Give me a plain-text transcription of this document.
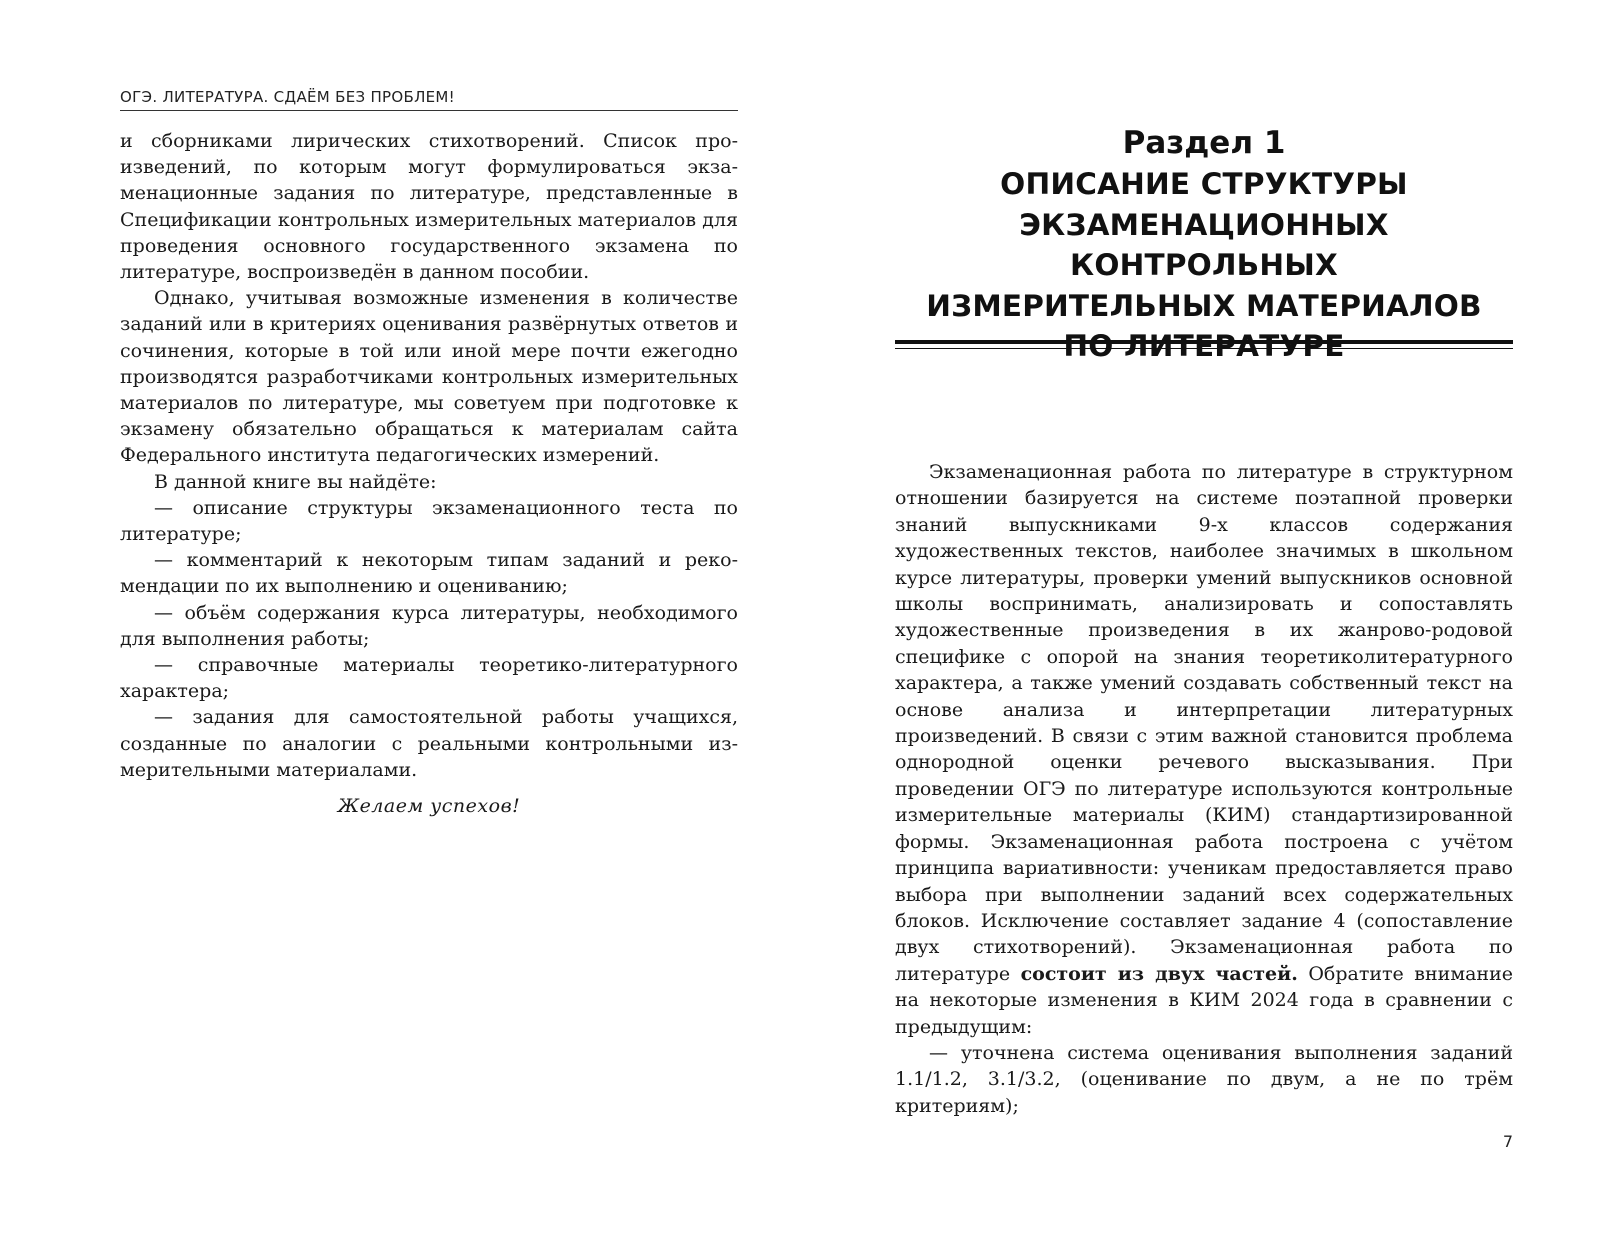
ОГЭ. ЛИТЕРАТУРА. СДАЁМ БЕЗ ПРОБЛЕМ!

и сборниками лирических стихотворений. Список произведений, по которым могут формулироваться экзаменационные задания по литературе, представленные в Спецификации контрольных измерительных материалов для проведения основного государственного экзамена по литературе, воспроизведён в данном пособии.

Однако, учитывая возможные изменения в количестве заданий или в критериях оценивания развёрнутых ответов и сочинения, которые в той или иной мере почти ежегодно производятся разработчиками контрольных измерительных материалов по литературе, мы советуем при подготовке к экзамену обязательно обращаться к материалам сайта Федерального института педагогических измерений.

В данной книге вы найдёте:

— описание структуры экзаменационного теста по литературе;

— комментарий к некоторым типам заданий и рекомендации по их выполнению и оцениванию;

— объём содержания курса литературы, необходимого для выполнения работы;

— справочные материалы теоретико-литературного характера;

— задания для самостоятельной работы учащихся, созданные по аналогии с реальными контрольными измерительными материалами.

Желаем успехов!

Раздел 1
ОПИСАНИЕ СТРУКТУРЫ
ЭКЗАМЕНАЦИОННЫХ КОНТРОЛЬНЫХ
ИЗМЕРИТЕЛЬНЫХ МАТЕРИАЛОВ
ПО ЛИТЕРАТУРЕ

Экзаменационная работа по литературе в структурном отношении базируется на системе поэтапной проверки знаний выпускниками 9-х классов содержания художественных текстов, наиболее значимых в школьном курсе литературы, проверки умений выпускников основной школы воспринимать, анализировать и сопоставлять художественные произведения в их жанрово-родовой специфике с опорой на знания теоретиколитературного характера, а также умений создавать собственный текст на основе анализа и интерпретации литературных произведений. В связи с этим важной становится проблема однородной оценки речевого высказывания. При проведении ОГЭ по литературе используются контрольные измерительные материалы (КИМ) стандартизированной формы. Экзаменационная работа построена с учётом принципа вариативности: ученикам предоставляется право выбора при выполнении заданий всех содержательных блоков. Исключение составляет задание 4 (сопоставление двух стихотворений). Экзаменационная работа по литературе состоит из двух частей. Обратите внимание на некоторые изменения в КИМ 2024 года в сравнении с предыдущим:

— уточнена система оценивания выполнения заданий 1.1/1.2, 3.1/3.2, (оценивание по двум, а не по трём критериям);

7
